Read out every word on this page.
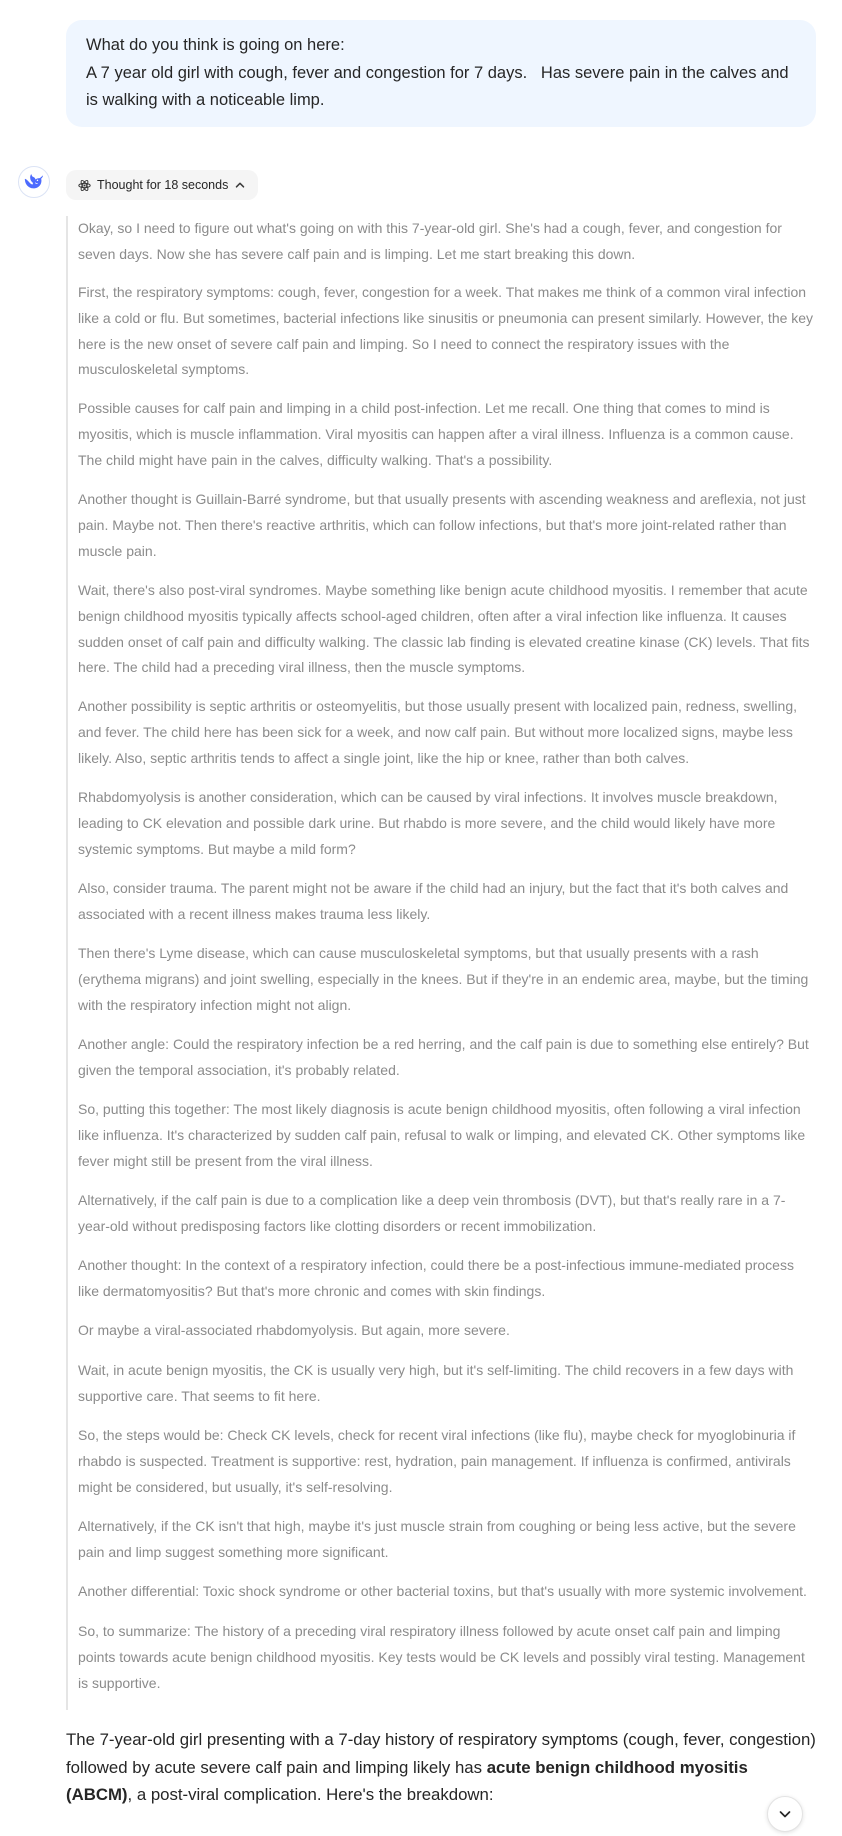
What do you think is going on here:
A 7 year old girl with cough, fever and congestion for 7 days.   Has severe pain in the calves and is walking with a noticeable limp.
Thought for 18 seconds

Okay, so I need to figure out what's going on with this 7-year-old girl. She's had a cough, fever, and congestion for seven days. Now she has severe calf pain and is limping. Let me start breaking this down.

First, the respiratory symptoms: cough, fever, congestion for a week. That makes me think of a common viral infection like a cold or flu. But sometimes, bacterial infections like sinusitis or pneumonia can present similarly. However, the key here is the new onset of severe calf pain and limping. So I need to connect the respiratory issues with the musculoskeletal symptoms.

Possible causes for calf pain and limping in a child post-infection. Let me recall. One thing that comes to mind is myositis, which is muscle inflammation. Viral myositis can happen after a viral illness. Influenza is a common cause. The child might have pain in the calves, difficulty walking. That's a possibility.

Another thought is Guillain-Barré syndrome, but that usually presents with ascending weakness and areflexia, not just pain. Maybe not. Then there's reactive arthritis, which can follow infections, but that's more joint-related rather than muscle pain.

Wait, there's also post-viral syndromes. Maybe something like benign acute childhood myositis. I remember that acute benign childhood myositis typically affects school-aged children, often after a viral infection like influenza. It causes sudden onset of calf pain and difficulty walking. The classic lab finding is elevated creatine kinase (CK) levels. That fits here. The child had a preceding viral illness, then the muscle symptoms.

Another possibility is septic arthritis or osteomyelitis, but those usually present with localized pain, redness, swelling, and fever. The child here has been sick for a week, and now calf pain. But without more localized signs, maybe less likely. Also, septic arthritis tends to affect a single joint, like the hip or knee, rather than both calves.

Rhabdomyolysis is another consideration, which can be caused by viral infections. It involves muscle breakdown, leading to CK elevation and possible dark urine. But rhabdo is more severe, and the child would likely have more systemic symptoms. But maybe a mild form?

Also, consider trauma. The parent might not be aware if the child had an injury, but the fact that it's both calves and associated with a recent illness makes trauma less likely.

Then there's Lyme disease, which can cause musculoskeletal symptoms, but that usually presents with a rash (erythema migrans) and joint swelling, especially in the knees. But if they're in an endemic area, maybe, but the timing with the respiratory infection might not align.

Another angle: Could the respiratory infection be a red herring, and the calf pain is due to something else entirely? But given the temporal association, it's probably related.

So, putting this together: The most likely diagnosis is acute benign childhood myositis, often following a viral infection like influenza. It's characterized by sudden calf pain, refusal to walk or limping, and elevated CK. Other symptoms like fever might still be present from the viral illness.

Alternatively, if the calf pain is due to a complication like a deep vein thrombosis (DVT), but that's really rare in a 7-year-old without predisposing factors like clotting disorders or recent immobilization.

Another thought: In the context of a respiratory infection, could there be a post-infectious immune-mediated process like dermatomyositis? But that's more chronic and comes with skin findings.

Or maybe a viral-associated rhabdomyolysis. But again, more severe.

Wait, in acute benign myositis, the CK is usually very high, but it's self-limiting. The child recovers in a few days with supportive care. That seems to fit here.

So, the steps would be: Check CK levels, check for recent viral infections (like flu), maybe check for myoglobinuria if rhabdo is suspected. Treatment is supportive: rest, hydration, pain management. If influenza is confirmed, antivirals might be considered, but usually, it's self-resolving.

Alternatively, if the CK isn't that high, maybe it's just muscle strain from coughing or being less active, but the severe pain and limp suggest something more significant.

Another differential: Toxic shock syndrome or other bacterial toxins, but that's usually with more systemic involvement.

So, to summarize: The history of a preceding viral respiratory illness followed by acute onset calf pain and limping points towards acute benign childhood myositis. Key tests would be CK levels and possibly viral testing. Management is supportive.

The 7-year-old girl presenting with a 7-day history of respiratory symptoms (cough, fever, congestion) followed by acute severe calf pain and limping likely has acute benign childhood myositis (ABCM), a post-viral complication. Here's the breakdown:
